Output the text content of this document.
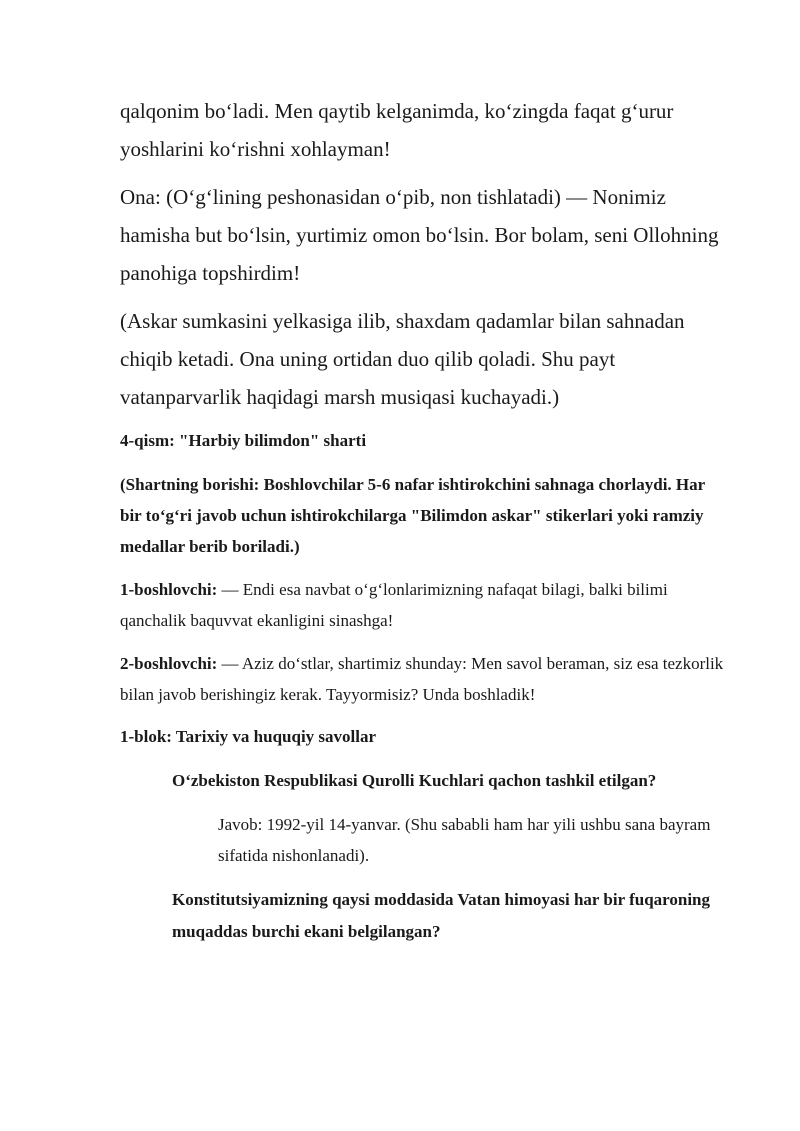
qalqonim bo‘ladi. Men qaytib kelganimda, ko‘zingda faqat g‘urur yoshlarini ko‘rishni xohlayman!

Ona: (O‘g‘lining peshonasidan o‘pib, non tishlatadi) — Nonimiz hamisha but bo‘lsin, yurtimiz omon bo‘lsin. Bor bolam, seni Ollohning panohiga topshirdim!

(Askar sumkasini yelkasiga ilib, shaxdam qadamlar bilan sahnadan chiqib ketadi. Ona uning ortidan duo qilib qoladi. Shu payt vatanparvarlik haqidagi marsh musiqasi kuchayadi.)

4-qism: "Harbiy bilimdon" sharti

(Shartning borishi: Boshlovchilar 5-6 nafar ishtirokchini sahnaga chorlaydi. Har bir to‘g‘ri javob uchun ishtirokchilarga "Bilimdon askar" stikerlari yoki ramziy medallar berib boriladi.)

1-boshlovchi: — Endi esa navbat o‘g‘lonlarimizning nafaqat bilagi, balki bilimi qanchalik baquvvat ekanligini sinashga!

2-boshlovchi: — Aziz do‘stlar, shartimiz shunday: Men savol beraman, siz esa tezkorlik bilan javob berishingiz kerak. Tayyormisiz? Unda boshladik!

1-blok: Tarixiy va huquqiy savollar

O‘zbekiston Respublikasi Qurolli Kuchlari qachon tashkil etilgan?

Javob: 1992-yil 14-yanvar. (Shu sababli ham har yili ushbu sana bayram sifatida nishonlanadi).

Konstitutsiyamizning qaysi moddasida Vatan himoyasi har bir fuqaroning muqaddas burchi ekani belgilangan?
